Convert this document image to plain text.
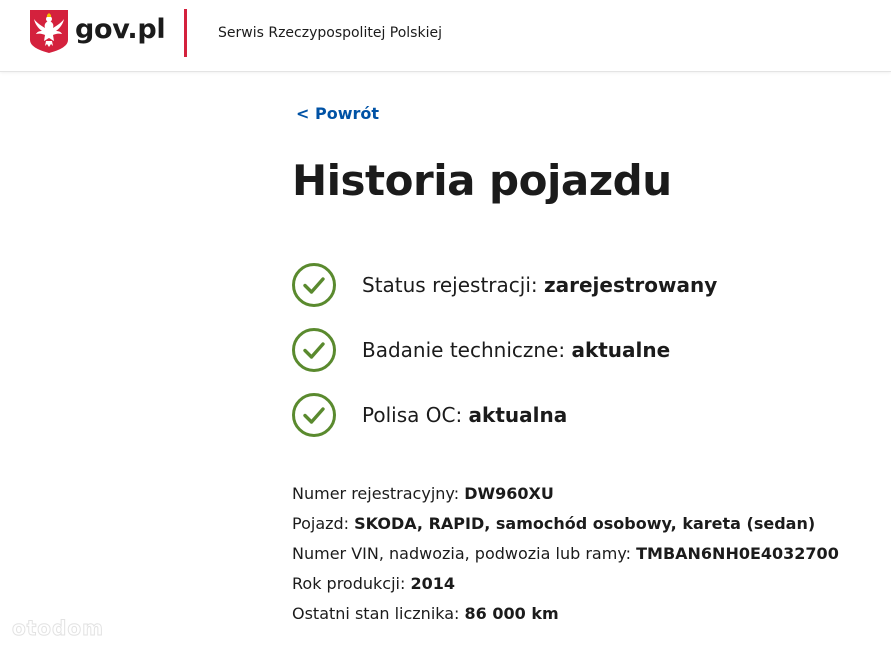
gov.pl	Serwis Rzeczypospolitej Polskiej
< Powrót
Historia pojazdu
Status rejestracji: zarejestrowany
Badanie techniczne: aktualne
Polisa OC: aktualna
Numer rejestracyjny: DW960XU
Pojazd: SKODA, RAPID, samochód osobowy, kareta (sedan)
Numer VIN, nadwozia, podwozia lub ramy: TMBAN6NH0E4032700
Rok produkcji: 2014
Ostatni stan licznika: 86 000 km
otodom
